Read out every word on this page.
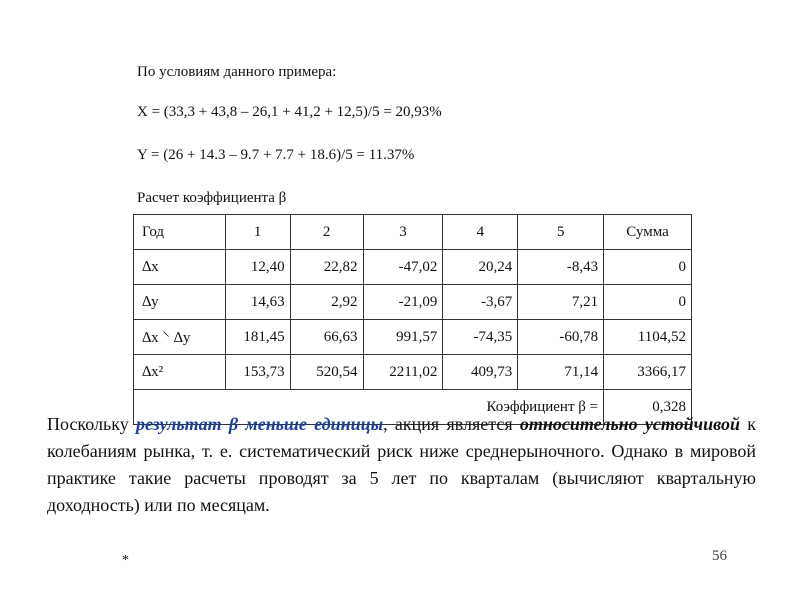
По условиям данного примера:

X = (33,3 + 43,8 – 26,1 + 41,2 + 12,5)/5 = 20,93%

Y = (26 + 14.3 – 9.7 + 7.7 + 18.6)/5 = 11.37%

Расчет коэффициента β

Год	1	2	3	4	5	Сумма
∆x	12,40	22,82	-47,02	20,24	-8,43	0
∆y	14,63	2,92	-21,09	-3,67	7,21	0
∆x ⸌ ∆y	181,45	66,63	991,57	-74,35	-60,78	1104,52
∆x²	153,73	520,54	2211,02	409,73	71,14	3366,17
Коэффициент β =						0,328

Поскольку результат β меньше единицы, акция является относительно устойчивой к колебаниям рынка, т. е. систематический риск ниже среднерыночного. Однако в мировой практике такие расчеты проводят за 5 лет по кварталам (вычисляют квартальную доходность) или по месяцам.

*	56
